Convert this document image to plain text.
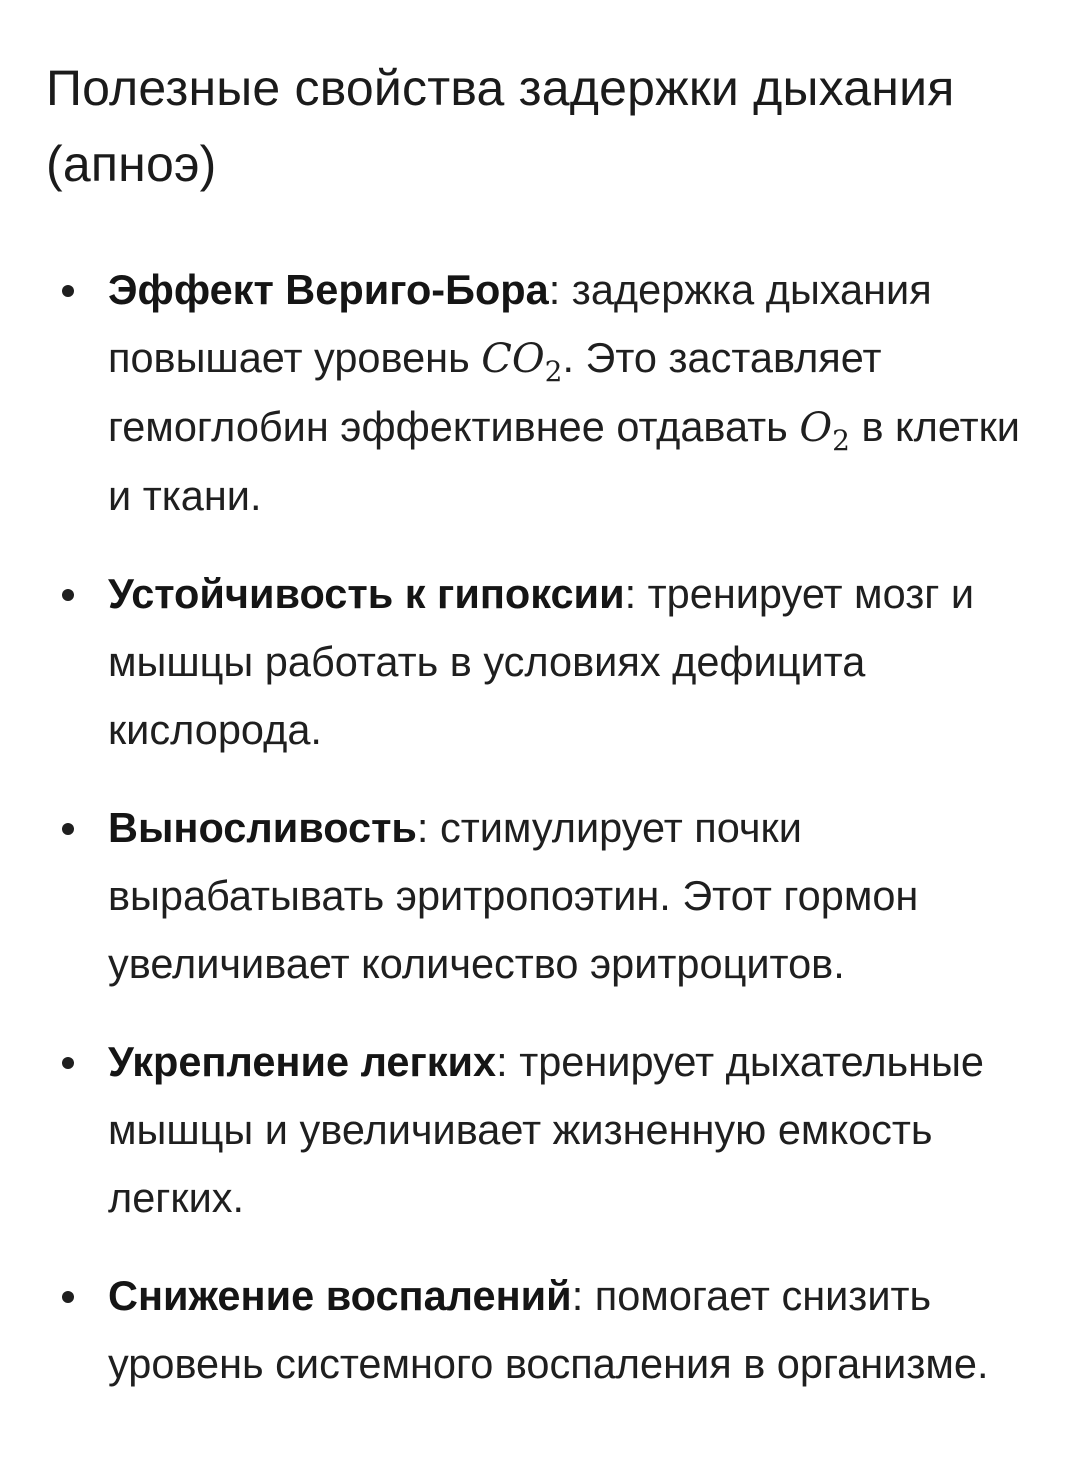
Полезные свойства задержки дыхания (апноэ)
Эффект Вериго-Бора: задержка дыхания повышает уровень $CO_2$. Это заставляет гемоглобин эффективнее отдавать $O_2$ в клетки и ткани.
Устойчивость к гипоксии: тренирует мозг и мышцы работать в условиях дефицита кислорода.
Выносливость: стимулирует почки вырабатывать эритропоэтин. Этот гормон увеличивает количество эритроцитов.
Укрепление легких: тренирует дыхательные мышцы и увеличивает жизненную емкость легких.
Снижение воспалений: помогает снизить уровень системного воспаления в организме.
